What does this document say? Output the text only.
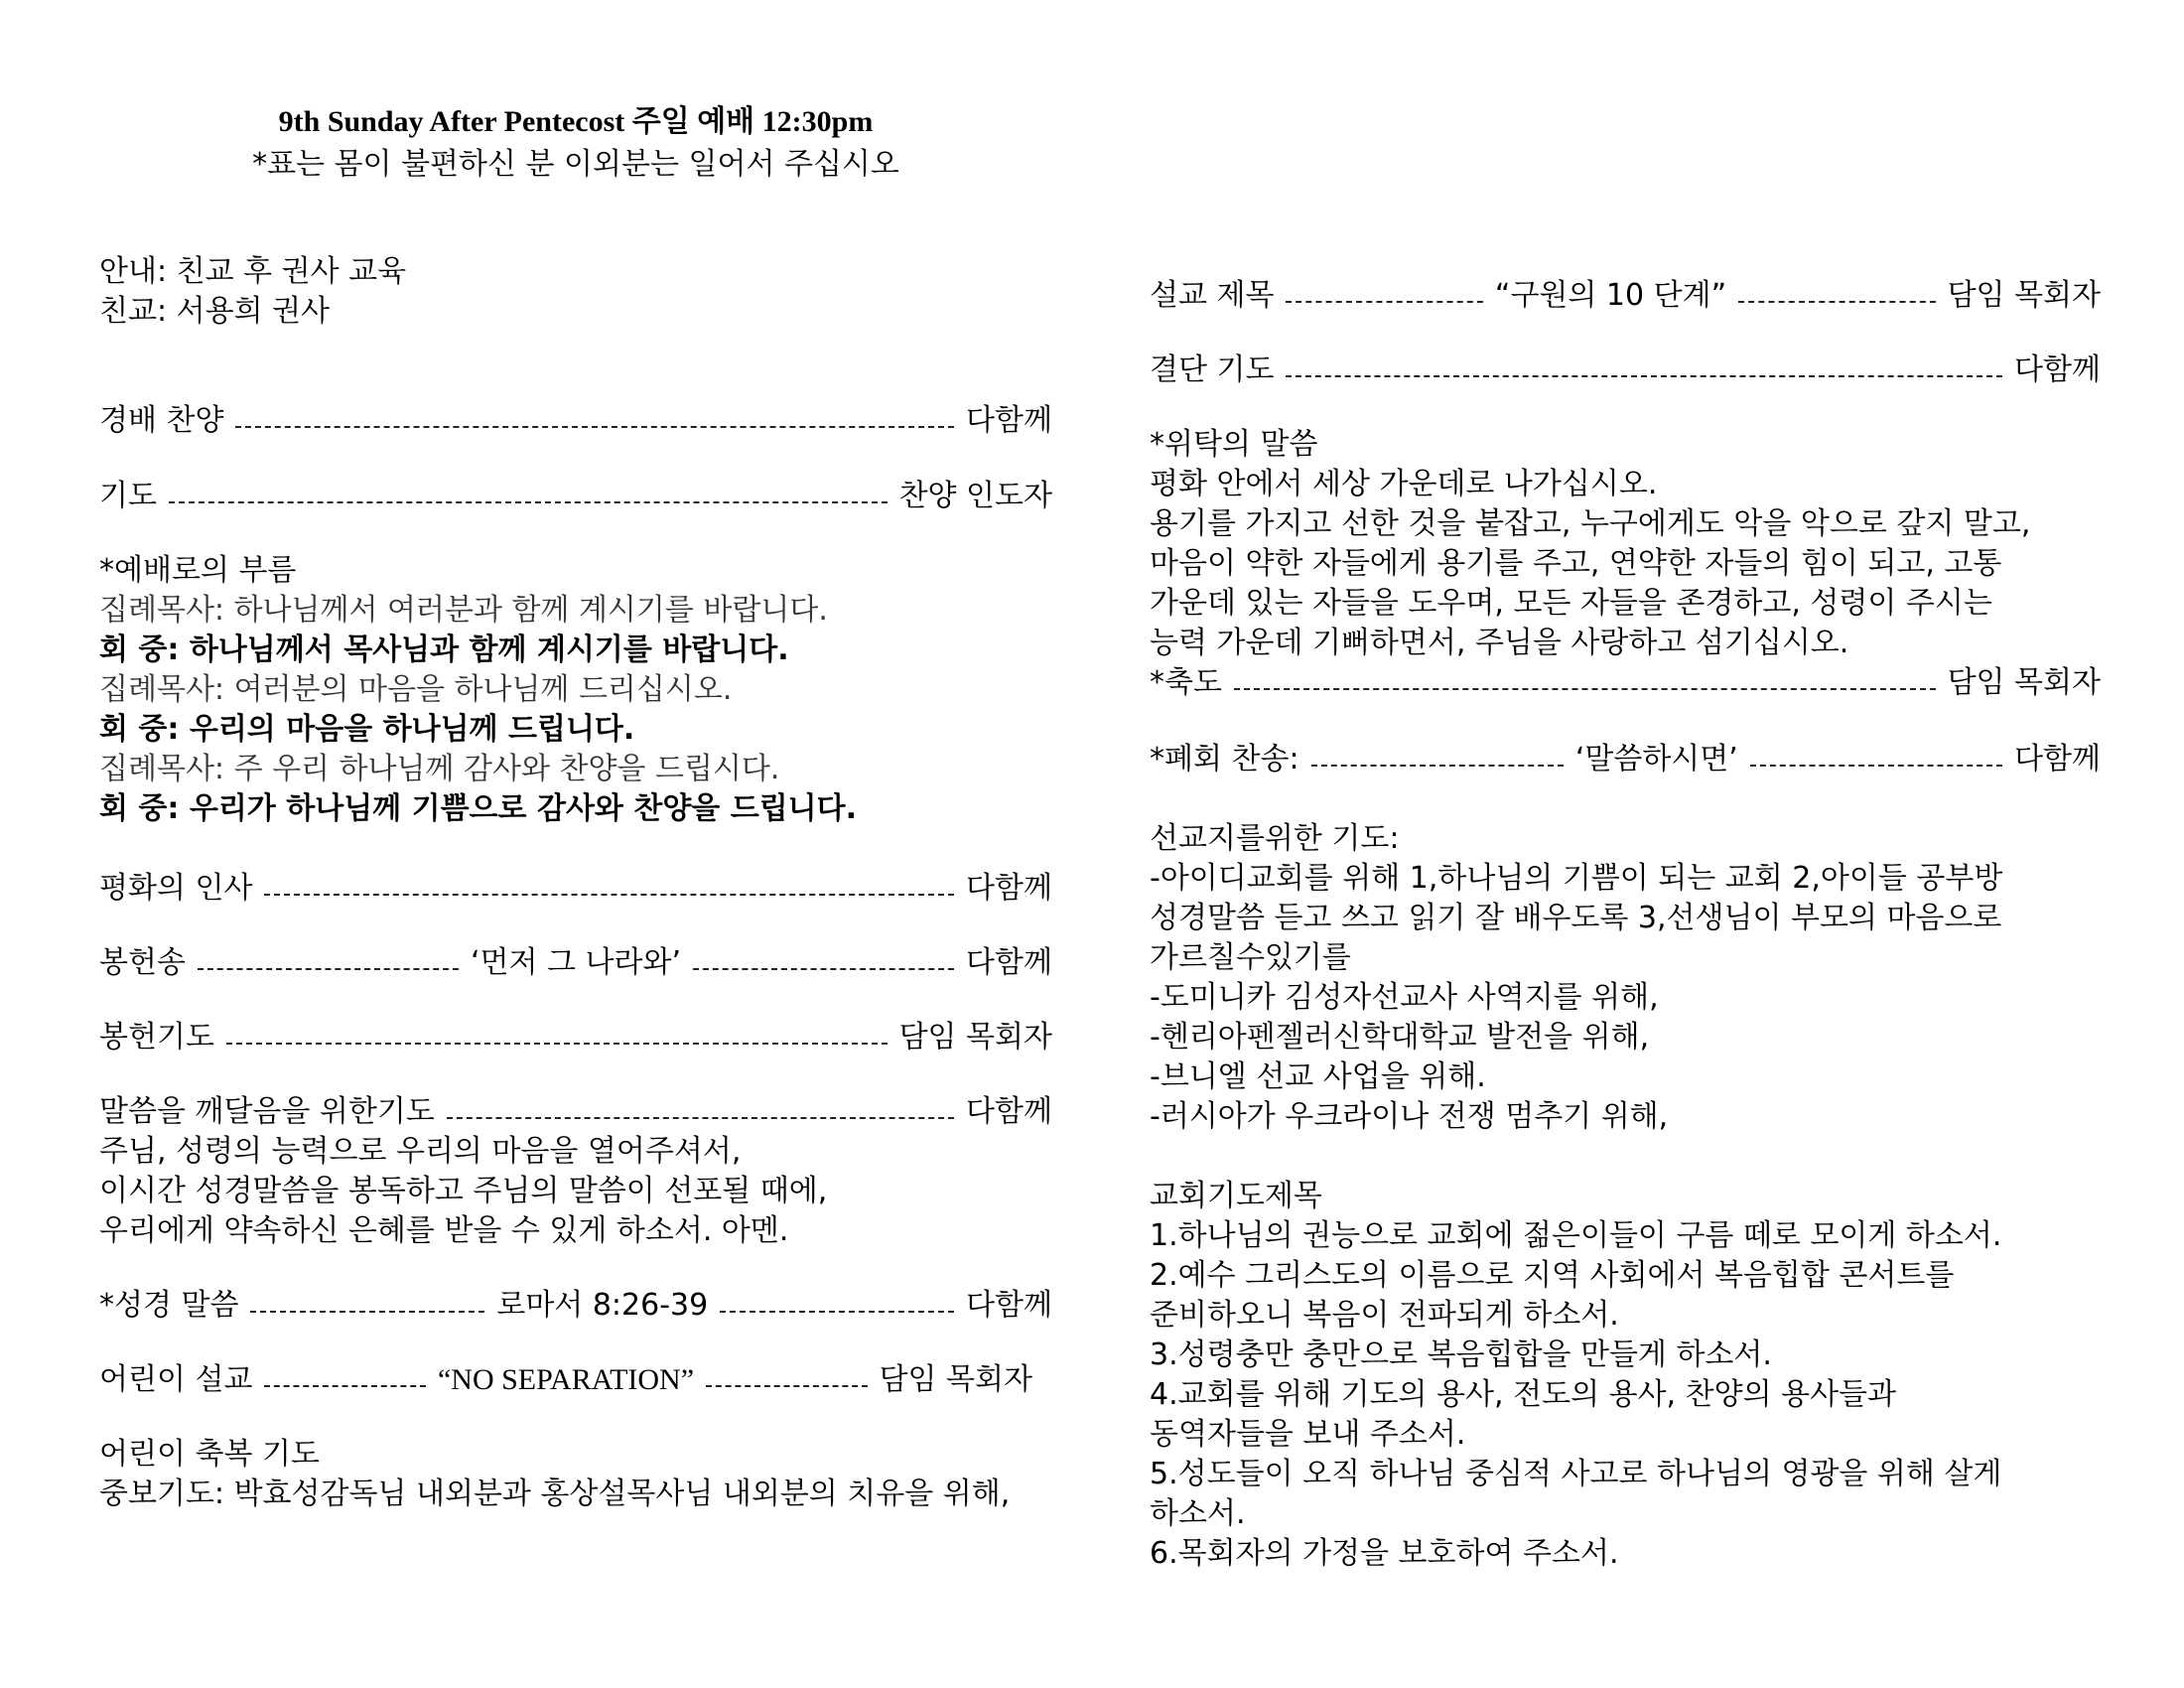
9th Sunday After Pentecost 주일 예배 12:30pm
*표는 몸이 불편하신 분 이외분는 일어서 주십시오
안내: 친교 후 권사 교육
친교: 서용희 권사
경배 찬양	다함께
기도	찬양 인도자
*예배로의 부름
집례목사: 하나님께서 여러분과 함께 계시기를 바랍니다.
회 중: 하나님께서 목사님과 함께 계시기를 바랍니다.
집례목사: 여러분의 마음을 하나님께 드리십시오.
회 중: 우리의 마음을 하나님께 드립니다.
집례목사: 주 우리 하나님께 감사와 찬양을 드립시다.
회 중: 우리가 하나님께 기쁨으로 감사와 찬양을 드립니다.
평화의 인사	다함께
봉헌송	‘먼저 그 나라와’	다함께
봉헌기도	담임 목회자
말씀을 깨달음을 위한기도	다함께
주님, 성령의 능력으로 우리의 마음을 열어주셔서,
이시간 성경말씀을 봉독하고 주님의 말씀이 선포될 때에,
우리에게 약속하신 은혜를 받을 수 있게 하소서. 아멘.
*성경 말씀	로마서 8:26-39	다함께
어린이 설교	“NO SEPARATION”	담임 목회자
어린이 축복 기도
중보기도: 박효성감독님 내외분과 홍상설목사님 내외분의 치유을 위해,
설교 제목	“구원의 10 단계”	담임 목회자
결단 기도	다함께
*위탁의 말씀
평화 안에서 세상 가운데로 나가십시오.
용기를 가지고 선한 것을 붙잡고, 누구에게도 악을 악으로 갚지 말고,
마음이 약한 자들에게 용기를 주고, 연약한 자들의 힘이 되고, 고통
가운데 있는 자들을 도우며, 모든 자들을 존경하고, 성령이 주시는
능력 가운데 기뻐하면서, 주님을 사랑하고 섬기십시오.
*축도	담임 목회자
*폐회 찬송:	‘말씀하시면’	다함께
선교지를위한 기도:
-아이디교회를 위해 1,하나님의 기쁨이 되는 교회 2,아이들 공부방
성경말씀 듣고 쓰고 읽기 잘 배우도록 3,선생님이 부모의 마음으로
가르칠수있기를
-도미니카 김성자선교사 사역지를 위해,
-헨리아펜젤러신학대학교 발전을 위해,
-브니엘 선교 사업을 위해.
-러시아가 우크라이나 전쟁 멈추기 위해,
교회기도제목
1.하나님의 권능으로 교회에 젊은이들이 구름 떼로 모이게 하소서.
2.예수 그리스도의 이름으로 지역 사회에서 복음힙합 콘서트를
준비하오니 복음이 전파되게 하소서.
3.성령충만 충만으로 복음힙합을 만들게 하소서.
4.교회를 위해 기도의 용사, 전도의 용사, 찬양의 용사들과
동역자들을 보내 주소서.
5.성도들이 오직 하나님 중심적 사고로 하나님의 영광을 위해 살게
하소서.
6.목회자의 가정을 보호하여 주소서.
